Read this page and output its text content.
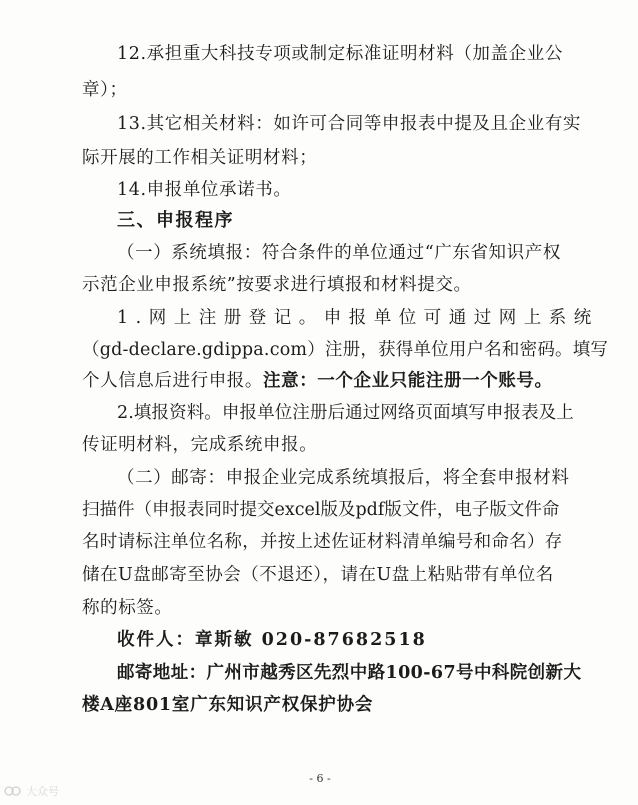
12.承担重大科技专项或制定标准证明材料（加盖企业公
章）；
13.其它相关材料：如许可合同等申报表中提及且企业有实
际开展的工作相关证明材料；
14.申报单位承诺书。
三、申报程序
（一）系统填报：符合条件的单位通过“广东省知识产权
示范企业申报系统”按要求进行填报和材料提交。
1.网上注册登记。申报单位可通过网上系统
（gd-declare.gdippa.com）注册，获得单位用户名和密码。填写
个人信息后进行申报。注意：一个企业只能注册一个账号。
2.填报资料。申报单位注册后通过网络页面填写申报表及上
传证明材料，完成系统申报。
（二）邮寄：申报企业完成系统填报后，将全套申报材料
扫描件（申报表同时提交excel版及pdf版文件，电子版文件命
名时请标注单位名称，并按上述佐证材料清单编号和命名）存
储在U盘邮寄至协会（不退还），请在U盘上粘贴带有单位名
称的标签。
收件人：章斯敏 020-87682518
邮寄地址：广州市越秀区先烈中路100-67号中科院创新大
楼A座801室广东知识产权保护协会
- 6 -
大众号
